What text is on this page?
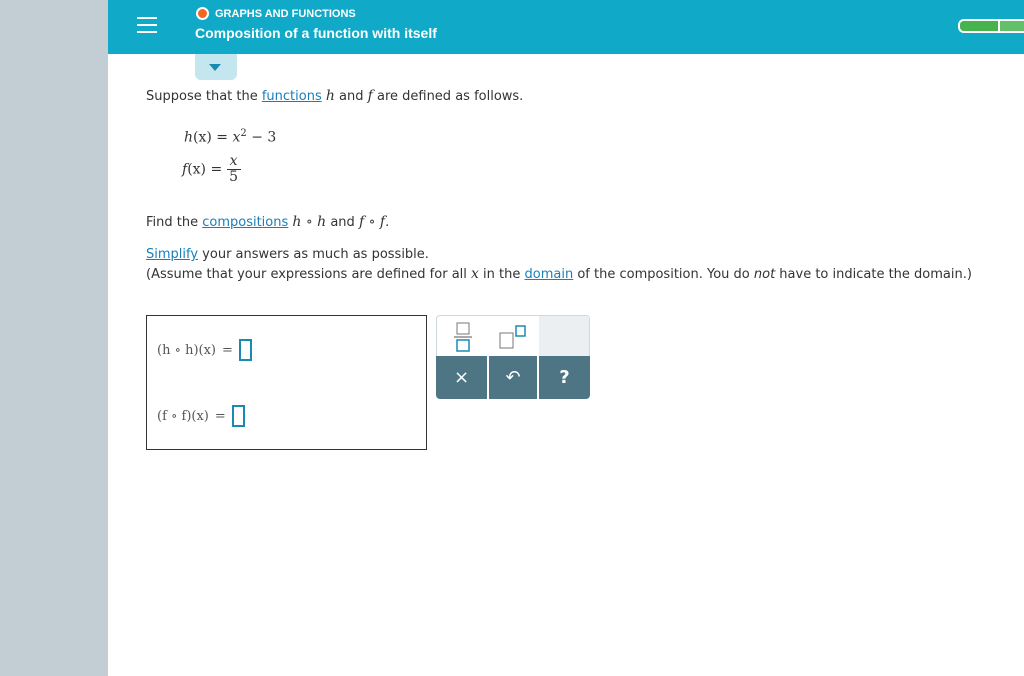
GRAPHS AND FUNCTIONS
Composition of a function with itself
Suppose that the functions h and f are defined as follows.
$h(x) = x^2 - 3$
$f(x) = \frac{x}{5}$
Find the compositions h ∘ h and f ∘ f.
Simplify your answers as much as possible.
(Assume that your expressions are defined for all x in the domain of the composition. You do not have to indicate the domain.)
(h ∘ h)(x) =
(f ∘ f)(x) =
× ↶ ?
